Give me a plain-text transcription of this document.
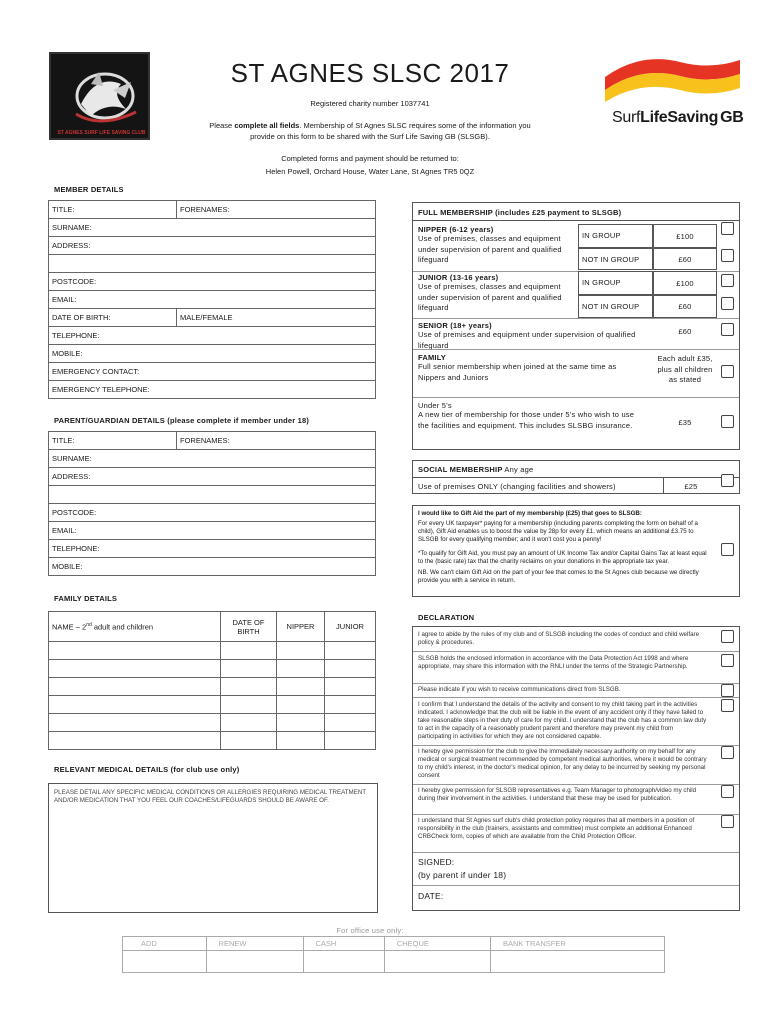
ST AGNES SURF LIFE SAVING CLUB
ST AGNES SLSC 2017
Registered charity number 1037741
Please complete all fields. Membership of St Agnes SLSC requires some of the information you
provide on this form to be shared with the Surf Life Saving GB (SLSGB).
Completed forms and payment should be returned to:
Helen Powell, Orchard House, Water Lane, St Agnes TR5 0QZ
SurfLifeSaving GB
MEMBER DETAILS
TITLE:	FORENAMES:
SURNAME:	
ADDRESS:	

POSTCODE:	
EMAIL:	
DATE OF BIRTH:	MALE/FEMALE
TELEPHONE:	
MOBILE:	
EMERGENCY CONTACT:	
EMERGENCY TELEPHONE:	
PARENT/GUARDIAN DETAILS (please complete if member under 18)
TITLE:	FORENAMES:
SURNAME:
ADDRESS:

POSTCODE:
EMAIL:
TELEPHONE:
MOBILE:
FAMILY DETAILS
NAME – 2nd adult and children	DATE OF
BIRTH	NIPPER	JUNIOR

RELEVANT MEDICAL DETAILS (for club use only)
PLEASE DETAIL ANY SPECIFIC MEDICAL CONDITIONS OR ALLERGIES REQUIRING MEDICAL TREATMENT
AND/OR MEDICATION THAT YOU FEEL OUR COACHES/LIFEGUARDS SHOULD BE AWARE OF.
FULL MEMBERSHIP (includes £25 payment to SLSGB)
NIPPER (6-12 years)
Use of premises, classes and equipment under supervision of parent and qualified lifeguard
IN GROUP	£100
NOT IN GROUP	£60
JUNIOR (13-16 years)
Use of premises, classes and equipment under supervision of parent and qualified lifeguard
IN GROUP	£100
NOT IN GROUP	£60
SENIOR (18+ years)
Use of premises and equipment under supervision of qualified lifeguard
£60
FAMILY
Full senior membership when joined at the same time as Nippers and Juniors
Each adult £35, plus all children as stated
Under 5’s
A new tier of membership for those under 5’s who wish to use the facilities and equipment. This includes SLSBG insurance.	£35
SOCIAL MEMBERSHIP Any age
Use of premises ONLY (changing facilities and showers)	£25
I would like to Gift Aid the part of my membership (£25) that goes to SLSGB:
For every UK taxpayer* paying for a membership (including parents completing the form on behalf of a child), Gift Aid enables us to boost the value by 28p for every £1, which means an additional £3.75 to SLSGB for every qualifying member; and it won't cost you a penny!
*To qualify for Gift Aid, you must pay an amount of UK Income Tax and/or Capital Gains Tax at least equal to the (basic rate) tax that the charity reclaims on your donations in the appropriate tax year.
NB. We can't claim Gift Aid on the part of your fee that comes to the St Agnes club because we directly provide you with a service in return.
DECLARATION
I agree to abide by the rules of my club and of SLSGB including the codes of conduct and child welfare policy & procedures.
SLSGB holds the enclosed information in accordance with the Data Protection Act 1998 and where appropriate, may share this information with the RNLI under the terms of the Strategic Partnership.
Please indicate if you wish to receive communications direct from SLSGB.
I confirm that I understand the details of the activity and consent to my child taking part in the activities indicated. I acknowledge that the club will be liable in the event of any accident only if they have failed to take reasonable steps in their duty of care for my child. I understand that the club has a common law duty to act in the capacity of a reasonably prudent parent and therefore may prevent my child from participating in activities for which they are not considered capable.
I hereby give permission for the club to give the immediately necessary authority on my behalf for any medical or surgical treatment recommended by competent medical authorities, where it would be contrary to my child's interest, in the doctor's medical opinion, for any delay to be incurred by seeking my personal consent
I hereby give permission for SLSGB representatives e.g. Team Manager to photograph/video my child during their involvement in the activities. I understand that these may be used for publication.
I understand that St Agnes surf club's child protection policy requires that all members in a position of responsibility in the club (trainers, assistants and committee) must complete an additional Enhanced CRBCheck form, copies of which are available from the Child Protection Officer.
SIGNED:
(by parent if under 18)
DATE:
For office use only:
ADD	RENEW	CASH	CHEQUE	BANK TRANSFER
